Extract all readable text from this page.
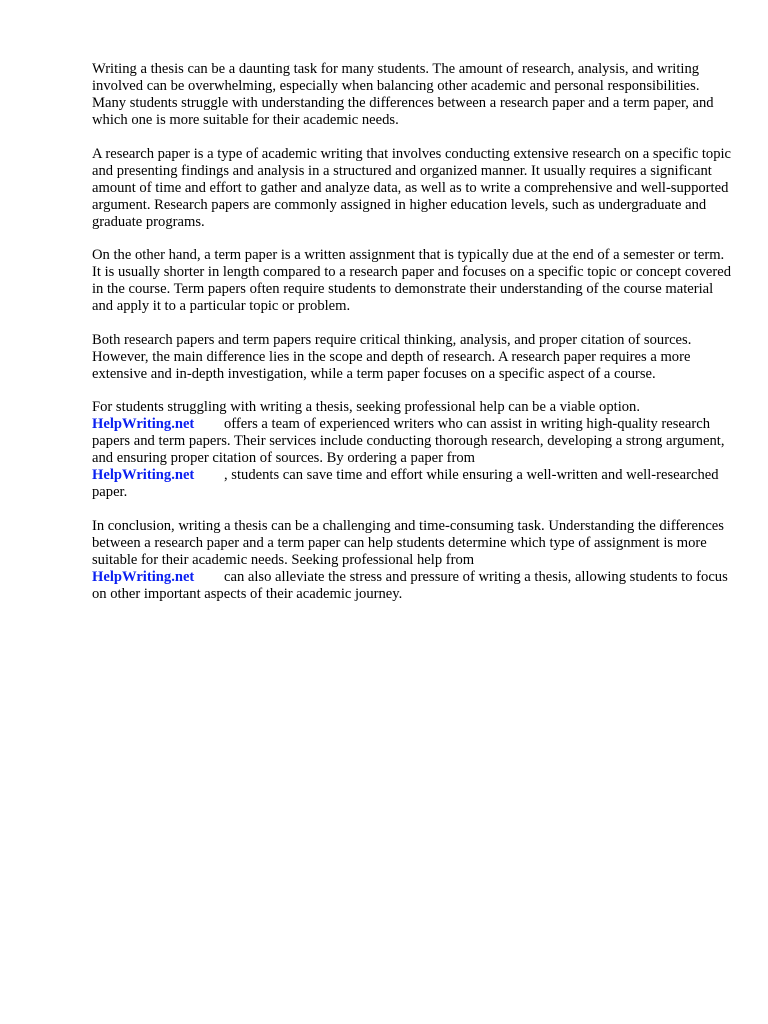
Writing a thesis can be a daunting task for many students. The amount of research, analysis, and writing involved can be overwhelming, especially when balancing other academic and personal responsibilities. Many students struggle with understanding the differences between a research paper and a term paper, and which one is more suitable for their academic needs.

A research paper is a type of academic writing that involves conducting extensive research on a specific topic and presenting findings and analysis in a structured and organized manner. It usually requires a significant amount of time and effort to gather and analyze data, as well as to write a comprehensive and well-supported argument. Research papers are commonly assigned in higher education levels, such as undergraduate and graduate programs.

On the other hand, a term paper is a written assignment that is typically due at the end of a semester or term. It is usually shorter in length compared to a research paper and focuses on a specific topic or concept covered in the course. Term papers often require students to demonstrate their understanding of the course material and apply it to a particular topic or problem.

Both research papers and term papers require critical thinking, analysis, and proper citation of sources. However, the main difference lies in the scope and depth of research. A research paper requires a more extensive and in-depth investigation, while a term paper focuses on a specific aspect of a course.

For students struggling with writing a thesis, seeking professional help can be a viable option.
HelpWriting.net offers a team of experienced writers who can assist in writing high-quality research papers and term papers. Their services include conducting thorough research, developing a strong argument, and ensuring proper citation of sources. By ordering a paper from
HelpWriting.net , students can save time and effort while ensuring a well-written and well-researched paper.

In conclusion, writing a thesis can be a challenging and time-consuming task. Understanding the differences between a research paper and a term paper can help students determine which type of assignment is more suitable for their academic needs. Seeking professional help from
HelpWriting.net can also alleviate the stress and pressure of writing a thesis, allowing students to focus on other important aspects of their academic journey.
